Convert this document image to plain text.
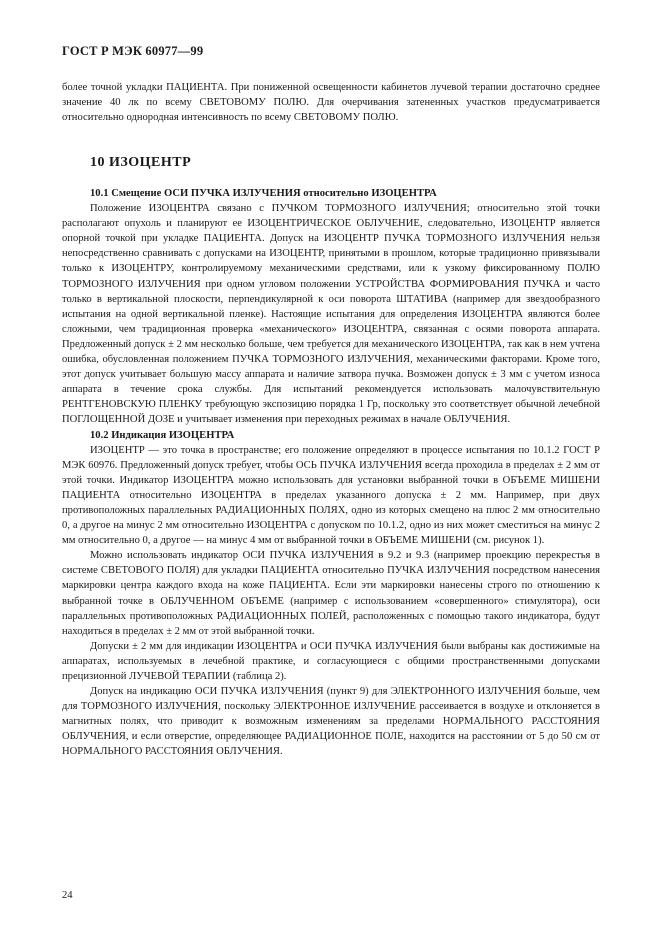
ГОСТ Р МЭК 60977—99

более точной укладки ПАЦИЕНТА. При пониженной освещенности кабинетов лучевой терапии достаточно среднее значение 40 лк по всему СВЕТОВОМУ ПОЛЮ. Для очерчивания затененных участков предусматривается относительно однородная интенсивность по всему СВЕТОВОМУ ПОЛЮ.

10 ИЗОЦЕНТР
10.1 Смещение ОСИ ПУЧКА ИЗЛУЧЕНИЯ относительно ИЗОЦЕНТРА

Положение ИЗОЦЕНТРА связано с ПУЧКОМ ТОРМОЗНОГО ИЗЛУЧЕНИЯ; относительно этой точки располагают опухоль и планируют ее ИЗОЦЕНТРИЧЕСКОЕ ОБЛУЧЕНИЕ, следовательно, ИЗОЦЕНТР является опорной точкой при укладке ПАЦИЕНТА. Допуск на ИЗОЦЕНТР ПУЧКА ТОРМОЗНОГО ИЗЛУЧЕНИЯ нельзя непосредственно сравнивать с допусками на ИЗОЦЕНТР, принятыми в прошлом, которые традиционно привязывали только к ИЗОЦЕНТРУ, контролируемому механическими средствами, или к узкому фиксированному ПОЛЮ ТОРМОЗНОГО ИЗЛУЧЕНИЯ при одном угловом положении УСТРОЙСТВА ФОРМИРОВАНИЯ ПУЧКА и часто только в вертикальной плоскости, перпендикулярной к оси поворота ШТАТИВА (например для звездообразного испытания на одной вертикальной пленке). Настоящие испытания для определения ИЗОЦЕНТРА являются более сложными, чем традиционная проверка «механического» ИЗОЦЕНТРА, связанная с осями поворота аппарата. Предложенный допуск ± 2 мм несколько больше, чем требуется для механического ИЗОЦЕНТРА, так как в нем учтена ошибка, обусловленная положением ПУЧКА ТОРМОЗНОГО ИЗЛУЧЕНИЯ, механическими факторами. Кроме того, этот допуск учитывает большую массу аппарата и наличие затвора пучка. Возможен допуск ± 3 мм с учетом износа аппарата в течение срока службы. Для испытаний рекомендуется использовать малочувствительную РЕНТГЕНОВСКУЮ ПЛЕНКУ требующую экспозицию порядка 1 Гр, поскольку это соответствует обычной лечебной ПОГЛОЩЕННОЙ ДОЗЕ и учитывает изменения при переходных режимах в начале ОБЛУЧЕНИЯ.

10.2 Индикация ИЗОЦЕНТРА

ИЗОЦЕНТР — это точка в пространстве; его положение определяют в процессе испытания по 10.1.2 ГОСТ Р МЭК 60976. Предложенный допуск требует, чтобы ОСЬ ПУЧКА ИЗЛУЧЕНИЯ всегда проходила в пределах ± 2 мм от этой точки. Индикатор ИЗОЦЕНТРА можно использовать для установки выбранной точки в ОБЪЕМЕ МИШЕНИ ПАЦИЕНТА относительно ИЗОЦЕНТРА в пределах указанного допуска ± 2 мм. Например, при двух противоположных параллельных РАДИАЦИОННЫХ ПОЛЯХ, одно из которых смещено на плюс 2 мм относительно 0, а другое на минус 2 мм относительно ИЗОЦЕНТРА с допуском по 10.1.2, одно из них может сместиться на минус 2 мм относительно 0, а другое — на минус 4 мм от выбранной точки в ОБЪЕМЕ МИШЕНИ (см. рисунок 1).

Можно использовать индикатор ОСИ ПУЧКА ИЗЛУЧЕНИЯ в 9.2 и 9.3 (например проекцию перекрестья в системе СВЕТОВОГО ПОЛЯ) для укладки ПАЦИЕНТА относительно ПУЧКА ИЗЛУЧЕНИЯ посредством нанесения маркировки центра каждого входа на коже ПАЦИЕНТА. Если эти маркировки нанесены строго по отношению к выбранной точке в ОБЛУЧЕННОМ ОБЪЕМЕ (например с использованием «совершенного» стимулятора), оси параллельных противоположных РАДИАЦИОННЫХ ПОЛЕЙ, расположенных с помощью такого индикатора, будут находиться в пределах ± 2 мм от этой выбранной точки.

Допуски ± 2 мм для индикации ИЗОЦЕНТРА и ОСИ ПУЧКА ИЗЛУЧЕНИЯ были выбраны как достижимые на аппаратах, используемых в лечебной практике, и согласующиеся с общими пространственными допусками прецизионной ЛУЧЕВОЙ ТЕРАПИИ (таблица 2).

Допуск на индикацию ОСИ ПУЧКА ИЗЛУЧЕНИЯ (пункт 9) для ЭЛЕКТРОННОГО ИЗЛУЧЕНИЯ больше, чем для ТОРМОЗНОГО ИЗЛУЧЕНИЯ, поскольку ЭЛЕКТРОННОЕ ИЗЛУЧЕНИЕ рассеивается в воздухе и отклоняется в магнитных полях, что приводит к возможным изменениям за пределами НОРМАЛЬНОГО РАССТОЯНИЯ ОБЛУЧЕНИЯ, и если отверстие, определяющее РАДИАЦИОННОЕ ПОЛЕ, находится на расстоянии от 5 до 50 см от НОРМАЛЬНОГО РАССТОЯНИЯ ОБЛУЧЕНИЯ.

24
